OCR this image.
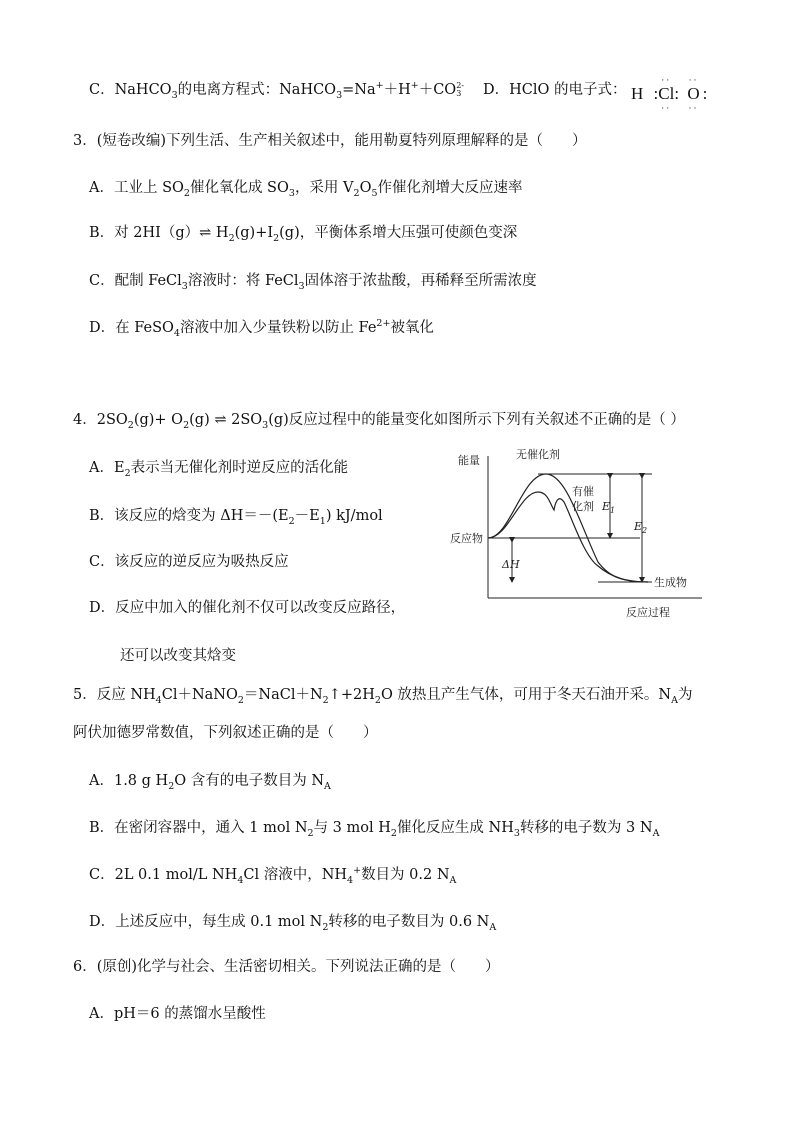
C．NaHCO$_3$的电离方程式：NaHCO$_3$=Na+＋H+＋CO 2-
3 D．HClO 的电子式： H :
··
Cl
··
:
··
O
··
:
3．(短卷改编)下列生活、生产相关叙述中，能用勒夏特列原理解释的是（　　）
A．工业上 $SO_2$催化氧化成 $SO_3$，采用 $V_2O_5$作催化剂增大反应速率
B．对 2HI（g）⇌ $H_2(g)+I_2(g)$，平衡体系增大压强可使颜色变深
C．配制 FeCl$_3$溶液时：将 FeCl$_3$固体溶于浓盐酸，再稀释至所需浓度
D．在 FeSO$_4$溶液中加入少量铁粉以防止 $Fe^{2+}$被氧化
4．$2SO_2(g)+ O_2(g)$ ⇌ $2SO_3(g)$反应过程中的能量变化如图所示下列有关叙述不正确的是（ ）
A．$E_2$表示当无催化剂时逆反应的活化能
B．该反应的焓变为 $\Delta H=-(E_2-E_1)$ kJ/mol
C．该反应的逆反应为吸热反应
D．反应中加入的催化剂不仅可以改变反应路径，
还可以改变其焓变
能量
反应过程
无催化剂
有催
化剂
反应物
生成物
$E_1$
$E_2$
ΔH
5．反应 $NH_4Cl+NaNO_2=NaCl+N_2↑+2H_2O$ 放热且产生气体，可用于冬天石油开采。$N_A$为
阿伏加德罗常数值，下列叙述正确的是（　　）
A．1.8 g $H_2O$ 含有的电子数目为 $N_A$
B．在密闭容器中，通入 1 mol $N_2$与 3 mol $H_2$催化反应生成 $NH_3$转移的电子数为 3 $N_A$
C．2L 0.1 mol/L $NH_4Cl$ 溶液中，$NH_4^+$数目为 0.2 $N_A$
D．上述反应中，每生成 0.1 mol $N_2$转移的电子数目为 0.6 $N_A$
6．(原创)化学与社会、生活密切相关。下列说法正确的是（　　）
A．pH＝6 的蒸馏水呈酸性
